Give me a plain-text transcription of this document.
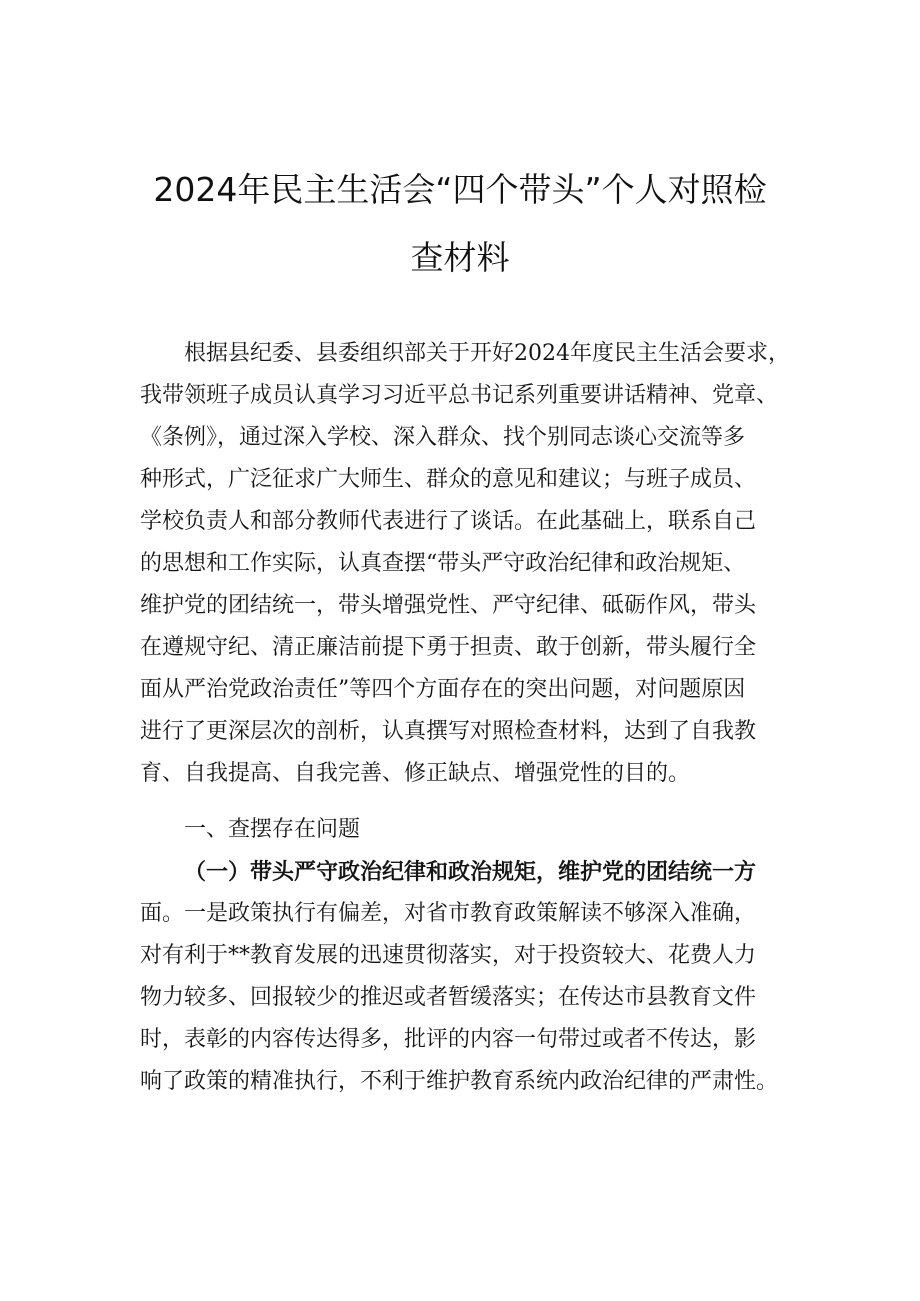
2024年民主生活会“四个带头”个人对照检
查材料
根据县纪委、县委组织部关于开好2024年度民主生活会要求，
我带领班子成员认真学习习近平总书记系列重要讲话精神、党章、
《条例》，通过深入学校、深入群众、找个别同志谈心交流等多
种形式，广泛征求广大师生、群众的意见和建议；与班子成员、
学校负责人和部分教师代表进行了谈话。在此基础上，联系自己
的思想和工作实际，认真查摆“带头严守政治纪律和政治规矩、
维护党的团结统一，带头增强党性、严守纪律、砥砺作风，带头
在遵规守纪、清正廉洁前提下勇于担责、敢于创新，带头履行全
面从严治党政治责任”等四个方面存在的突出问题，对问题原因
进行了更深层次的剖析，认真撰写对照检查材料，达到了自我教
育、自我提高、自我完善、修正缺点、增强党性的目的。
一、查摆存在问题
（一）带头严守政治纪律和政治规矩，维护党的团结统一方
面。一是政策执行有偏差，对省市教育政策解读不够深入准确，
对有利于**教育发展的迅速贯彻落实，对于投资较大、花费人力
物力较多、回报较少的推迟或者暂缓落实；在传达市县教育文件
时，表彰的内容传达得多，批评的内容一句带过或者不传达，影
响了政策的精准执行，不利于维护教育系统内政治纪律的严肃性。
